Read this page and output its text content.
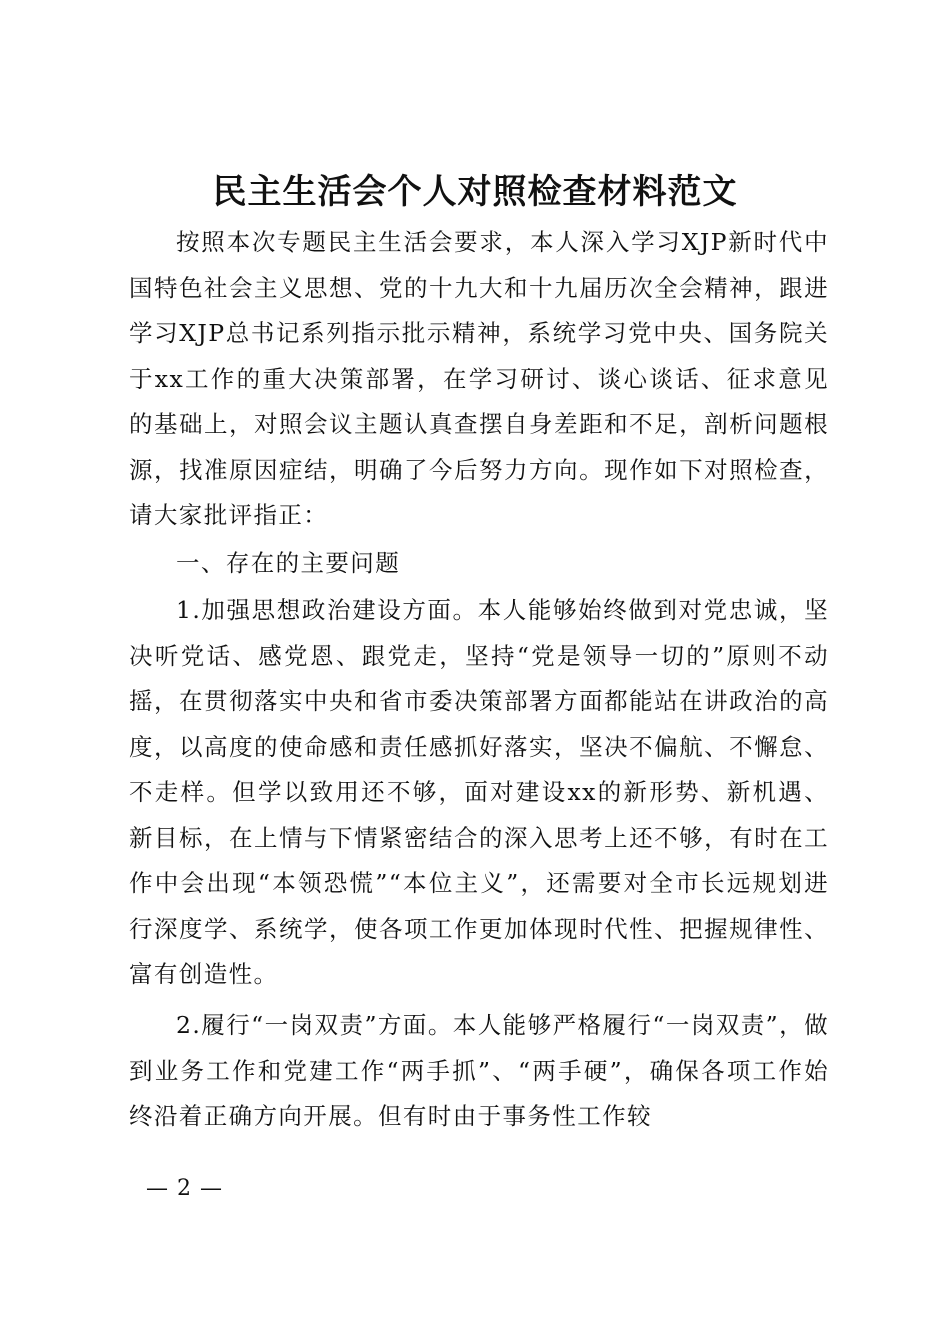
民主生活会个人对照检查材料范文

按照本次专题民主生活会要求，本人深入学习XJP新时代中国特色社会主义思想、党的十九大和十九届历次全会精神，跟进学习XJP总书记系列指示批示精神，系统学习党中央、国务院关于xx工作的重大决策部署，在学习研讨、谈心谈话、征求意见的基础上，对照会议主题认真查摆自身差距和不足，剖析问题根源，找准原因症结，明确了今后努力方向。现作如下对照检查，请大家批评指正：

一、存在的主要问题

1.加强思想政治建设方面。本人能够始终做到对党忠诚，坚决听党话、感党恩、跟党走，坚持“党是领导一切的”原则不动摇，在贯彻落实中央和省市委决策部署方面都能站在讲政治的高度，以高度的使命感和责任感抓好落实，坚决不偏航、不懈怠、不走样。但学以致用还不够，面对建设xx的新形势、新机遇、新目标，在上情与下情紧密结合的深入思考上还不够，有时在工作中会出现“本领恐慌”“本位主义”，还需要对全市长远规划进行深度学、系统学，使各项工作更加体现时代性、把握规律性、富有创造性。

2.履行“一岗双责”方面。本人能够严格履行“一岗双责”，做到业务工作和党建工作“两手抓”、“两手硬”，确保各项工作始终沿着正确方向开展。但有时由于事务性工作较

— 2 —
